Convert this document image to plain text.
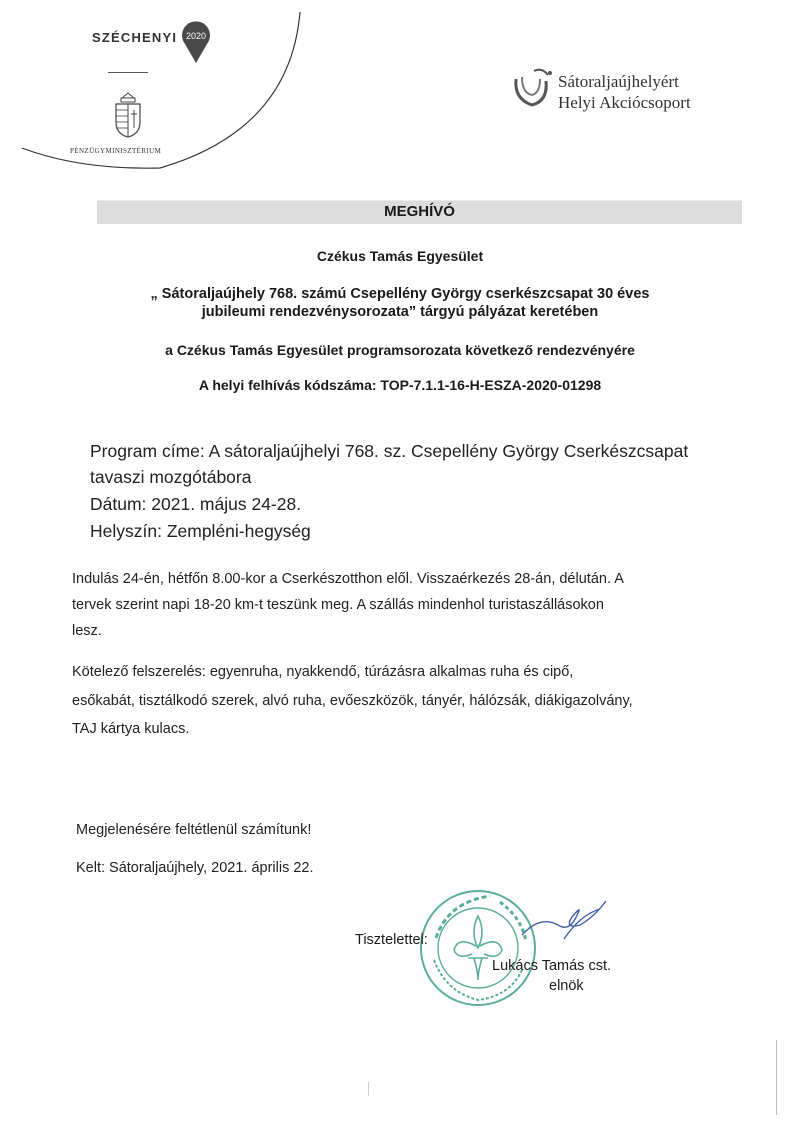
SZÉCHENYI 2020
PÉNZÜGYMINISZTÉRIUM
Sátoraljaújhelyért
Helyi Akciócsoport
MEGHÍVÓ
Czékus Tamás Egyesület
„ Sátoraljaújhely 768. számú Csepellény György cserkészcsapat 30 éves
jubileumi rendezvénysorozata” tárgyú pályázat keretében
a Czékus Tamás Egyesület programsorozata következő rendezvényére
A helyi felhívás kódszáma: TOP-7.1.1-16-H-ESZA-2020-01298
Program címe: A sátoraljaújhelyi 768. sz. Csepellény György Cserkészcsapat
tavaszi mozgótábora
Dátum: 2021. május 24-28.
Helyszín: Zempléni-hegység
Indulás 24-én, hétfőn 8.00-kor a Cserkészotthon elől. Visszaérkezés 28-án, délután. A
tervek szerint napi 18-20 km-t teszünk meg. A szállás mindenhol turistaszállásokon
lesz.
Kötelező felszerelés: egyenruha, nyakkendő, túrázásra alkalmas ruha és cipő,
esőkabát, tisztálkodó szerek, alvó ruha, evőeszközök, tányér, hálózsák, diákigazolvány,
TAJ kártya kulacs.
Megjelenésére feltétlenül számítunk!
Kelt: Sátoraljaújhely, 2021. április 22.
Tisztelettel:
Lukács Tamás cst.
elnök
